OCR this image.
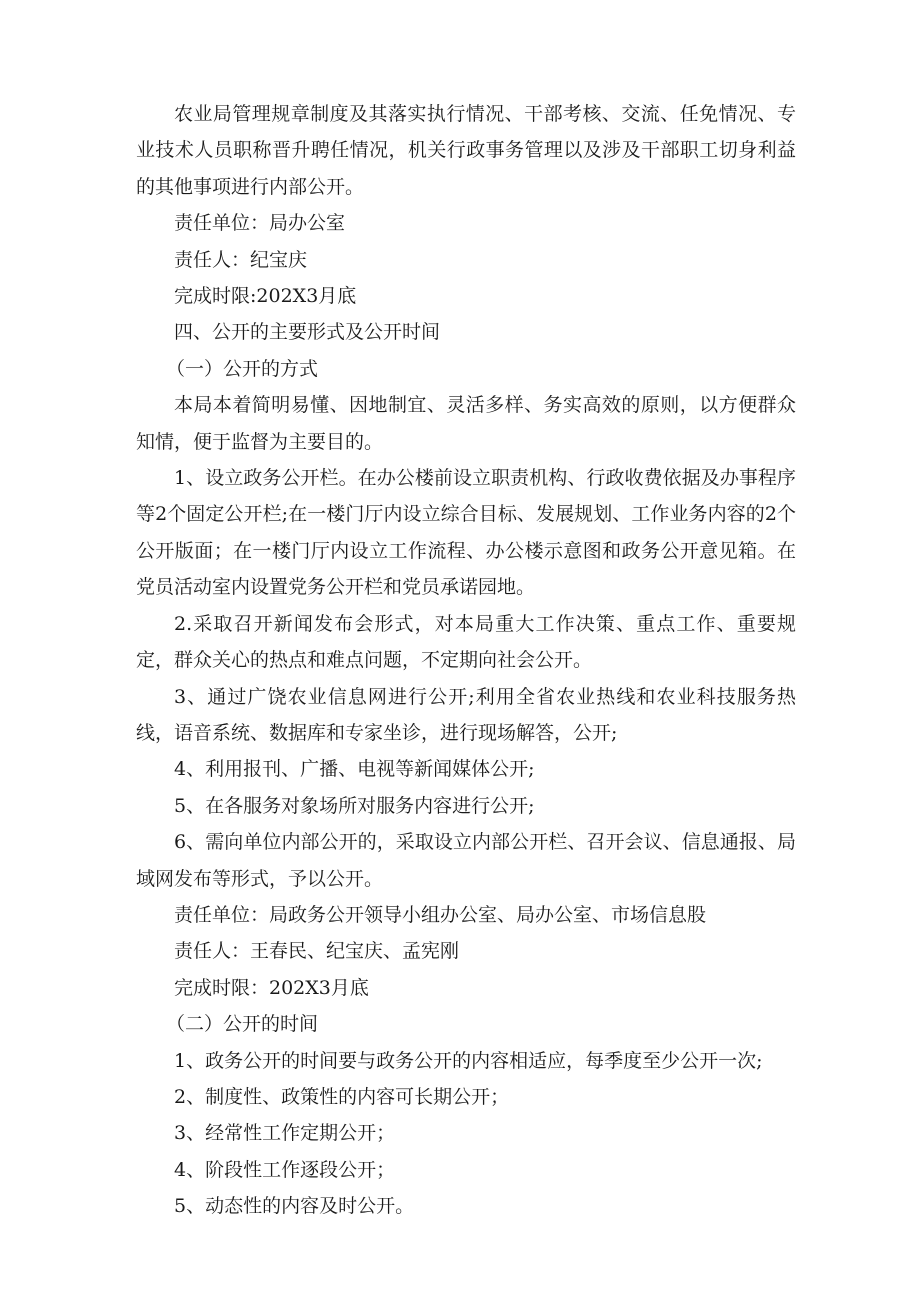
农业局管理规章制度及其落实执行情况、干部考核、交流、任免情况、专业技术人员职称晋升聘任情况，机关行政事务管理以及涉及干部职工切身利益的其他事项进行内部公开。

责任单位：局办公室

责任人：纪宝庆

完成时限:202X3月底

四、公开的主要形式及公开时间

（一）公开的方式

本局本着简明易懂、因地制宜、灵活多样、务实高效的原则，以方便群众知情，便于监督为主要目的。

1、设立政务公开栏。在办公楼前设立职责机构、行政收费依据及办事程序等2个固定公开栏;在一楼门厅内设立综合目标、发展规划、工作业务内容的2个公开版面；在一楼门厅内设立工作流程、办公楼示意图和政务公开意见箱。在党员活动室内设置党务公开栏和党员承诺园地。

2.采取召开新闻发布会形式，对本局重大工作决策、重点工作、重要规定，群众关心的热点和难点问题，不定期向社会公开。

3、通过广饶农业信息网进行公开;利用全省农业热线和农业科技服务热线，语音系统、数据库和专家坐诊，进行现场解答，公开;

4、利用报刊、广播、电视等新闻媒体公开;

5、在各服务对象场所对服务内容进行公开;

6、需向单位内部公开的，采取设立内部公开栏、召开会议、信息通报、局域网发布等形式，予以公开。

责任单位：局政务公开领导小组办公室、局办公室、市场信息股

责任人：王春民、纪宝庆、孟宪刚

完成时限：202X3月底

（二）公开的时间

1、政务公开的时间要与政务公开的内容相适应，每季度至少公开一次;

2、制度性、政策性的内容可长期公开；

3、经常性工作定期公开；

4、阶段性工作逐段公开；

5、动态性的内容及时公开。
